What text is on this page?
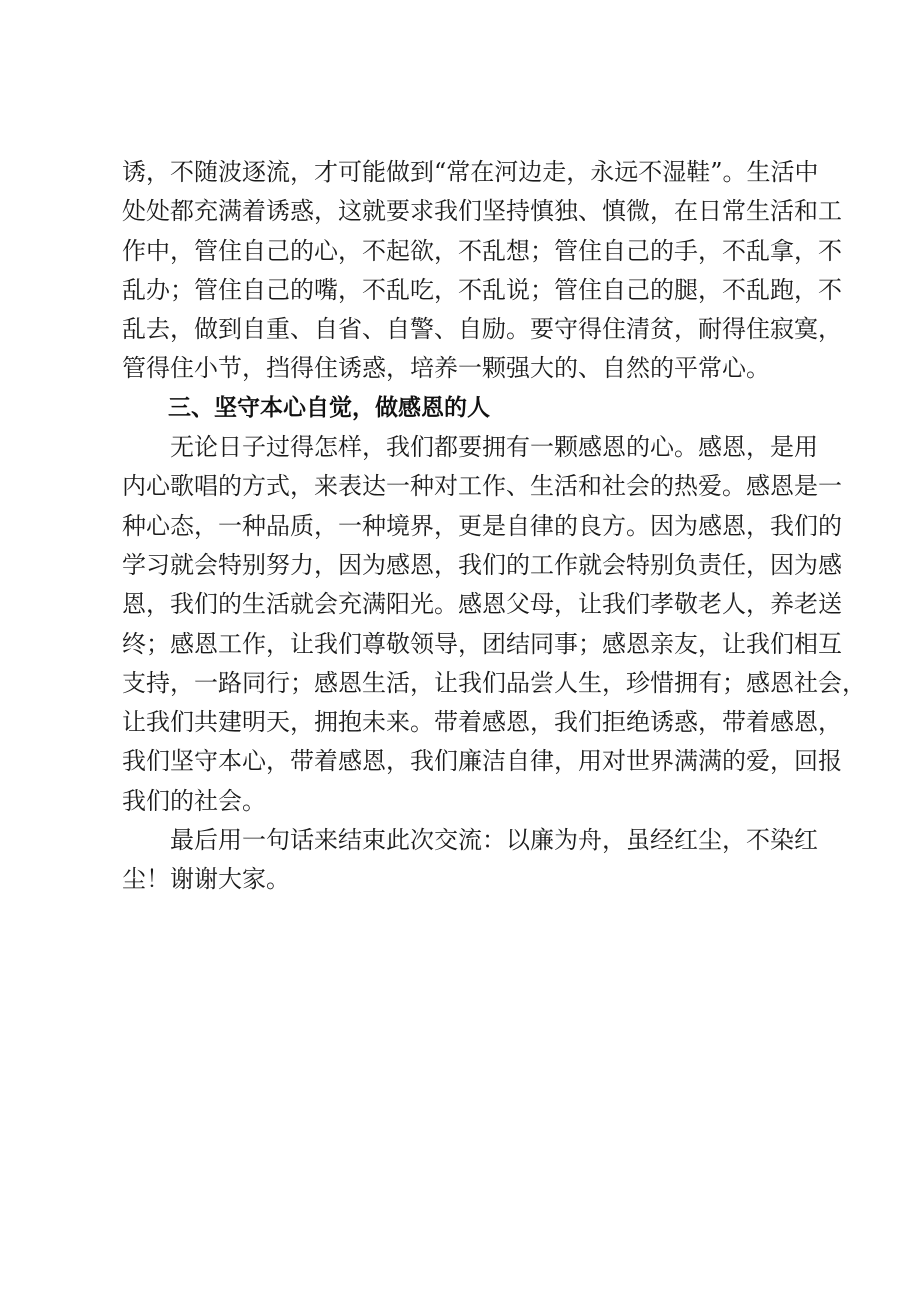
诱，不随波逐流，才可能做到“常在河边走，永远不湿鞋”。生活中
处处都充满着诱惑，这就要求我们坚持慎独、慎微，在日常生活和工
作中，管住自己的心，不起欲，不乱想；管住自己的手，不乱拿，不
乱办；管住自己的嘴，不乱吃，不乱说；管住自己的腿，不乱跑，不
乱去，做到自重、自省、自警、自励。要守得住清贫，耐得住寂寞，
管得住小节，挡得住诱惑，培养一颗强大的、自然的平常心。
三、坚守本心自觉，做感恩的人
无论日子过得怎样，我们都要拥有一颗感恩的心。感恩，是用
内心歌唱的方式，来表达一种对工作、生活和社会的热爱。感恩是一
种心态，一种品质，一种境界，更是自律的良方。因为感恩，我们的
学习就会特别努力，因为感恩，我们的工作就会特别负责任，因为感
恩，我们的生活就会充满阳光。感恩父母，让我们孝敬老人，养老送
终；感恩工作，让我们尊敬领导，团结同事；感恩亲友，让我们相互
支持，一路同行；感恩生活，让我们品尝人生，珍惜拥有；感恩社会，
让我们共建明天，拥抱未来。带着感恩，我们拒绝诱惑，带着感恩，
我们坚守本心，带着感恩，我们廉洁自律，用对世界满满的爱，回报
我们的社会。
最后用一句话来结束此次交流：以廉为舟，虽经红尘，不染红
尘！谢谢大家。
